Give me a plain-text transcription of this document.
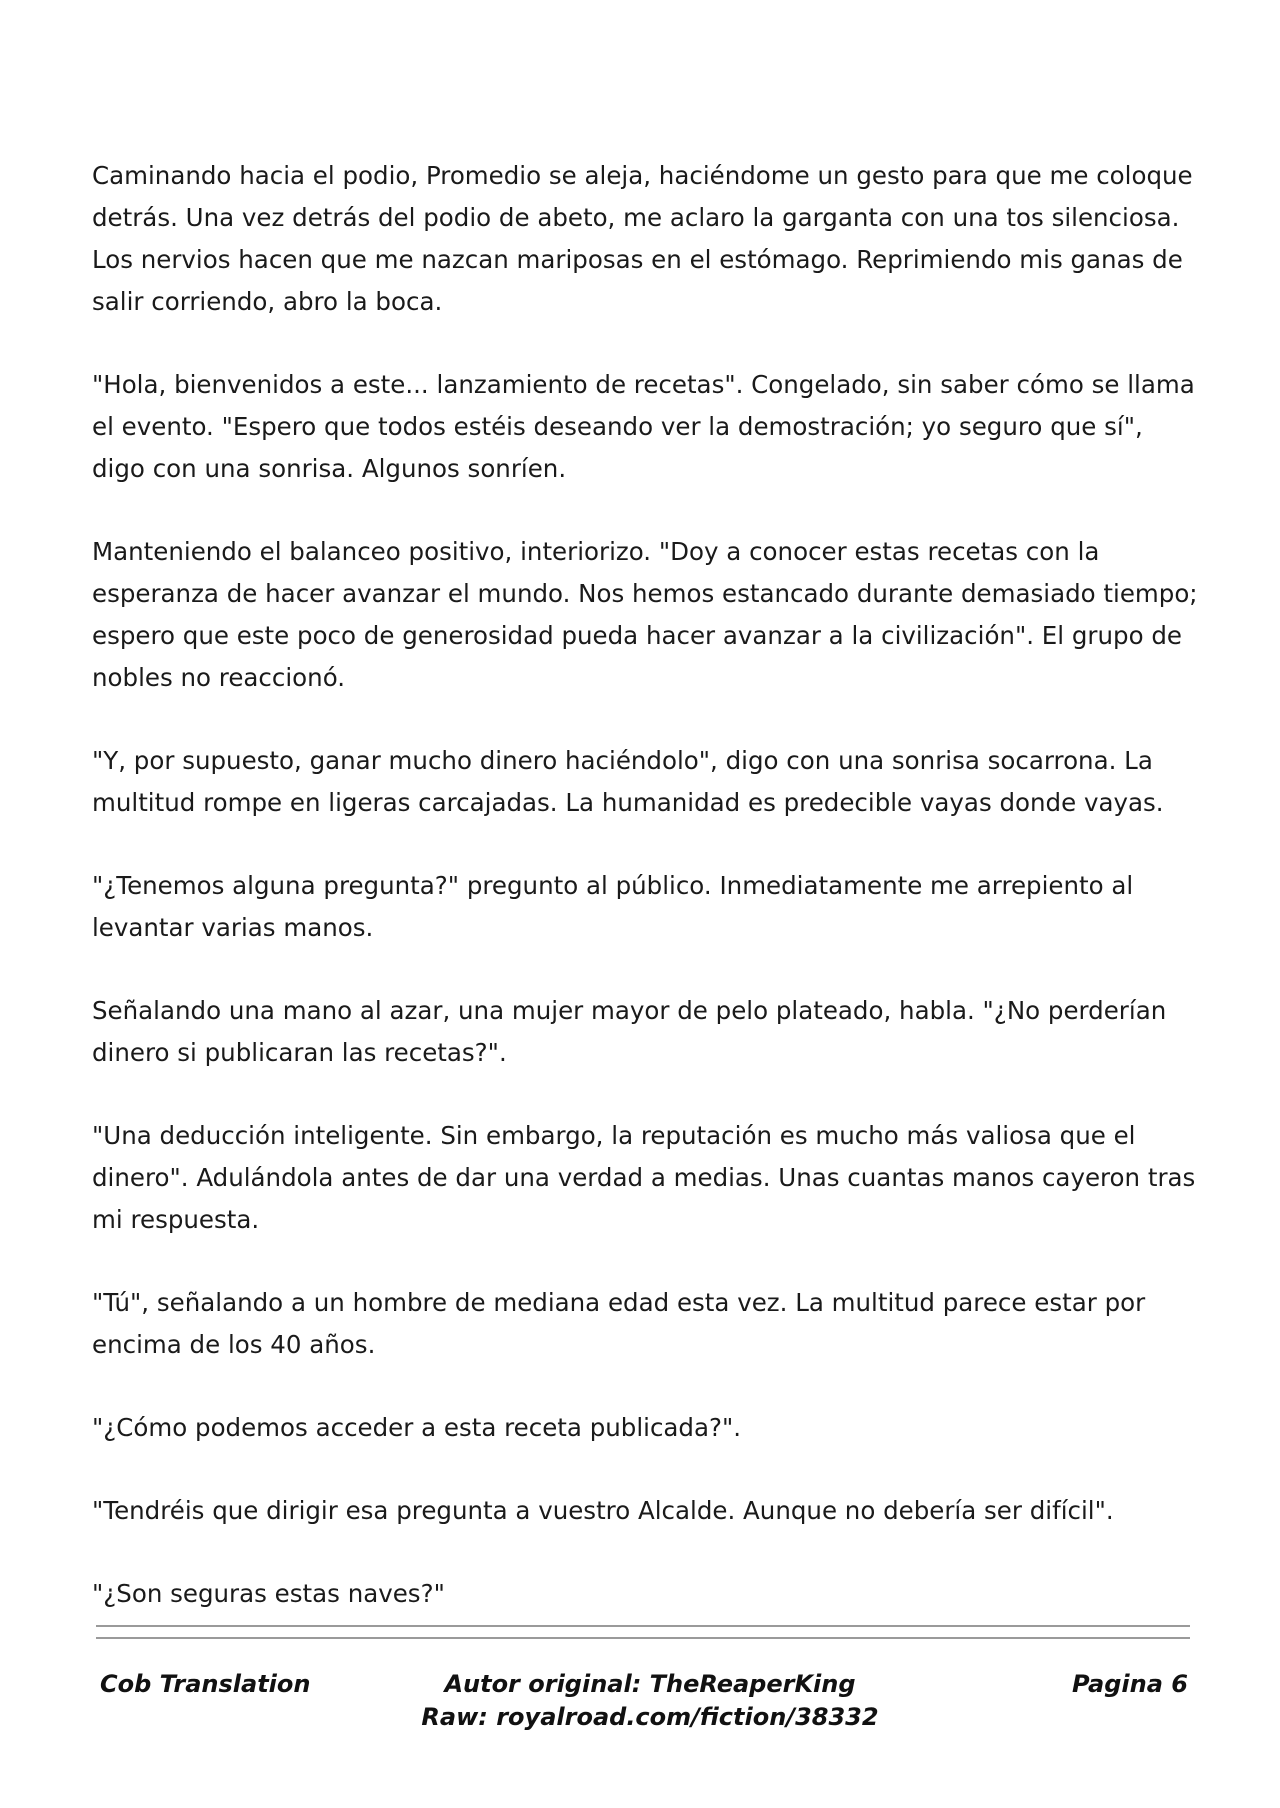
Caminando hacia el podio, Promedio se aleja, haciéndome un gesto para que me coloque detrás. Una vez detrás del podio de abeto, me aclaro la garganta con una tos silenciosa. Los nervios hacen que me nazcan mariposas en el estómago. Reprimiendo mis ganas de salir corriendo, abro la boca.

"Hola, bienvenidos a este... lanzamiento de recetas". Congelado, sin saber cómo se llama el evento. "Espero que todos estéis deseando ver la demostración; yo seguro que sí", digo con una sonrisa. Algunos sonríen.

Manteniendo el balanceo positivo, interiorizo. "Doy a conocer estas recetas con la esperanza de hacer avanzar el mundo. Nos hemos estancado durante demasiado tiempo; espero que este poco de generosidad pueda hacer avanzar a la civilización". El grupo de nobles no reaccionó.

"Y, por supuesto, ganar mucho dinero haciéndolo", digo con una sonrisa socarrona. La multitud rompe en ligeras carcajadas. La humanidad es predecible vayas donde vayas.

"¿Tenemos alguna pregunta?" pregunto al público. Inmediatamente me arrepiento al levantar varias manos.

Señalando una mano al azar, una mujer mayor de pelo plateado, habla. "¿No perderían dinero si publicaran las recetas?".

"Una deducción inteligente. Sin embargo, la reputación es mucho más valiosa que el dinero". Adulándola antes de dar una verdad a medias. Unas cuantas manos cayeron tras mi respuesta.

"Tú", señalando a un hombre de mediana edad esta vez. La multitud parece estar por encima de los 40 años.

"¿Cómo podemos acceder a esta receta publicada?".

"Tendréis que dirigir esa pregunta a vuestro Alcalde. Aunque no debería ser difícil".

"¿Son seguras estas naves?"

Cob Translation	Autor original: TheReaperKing
Raw: royalroad.com/fiction/38332
Pagina 6
